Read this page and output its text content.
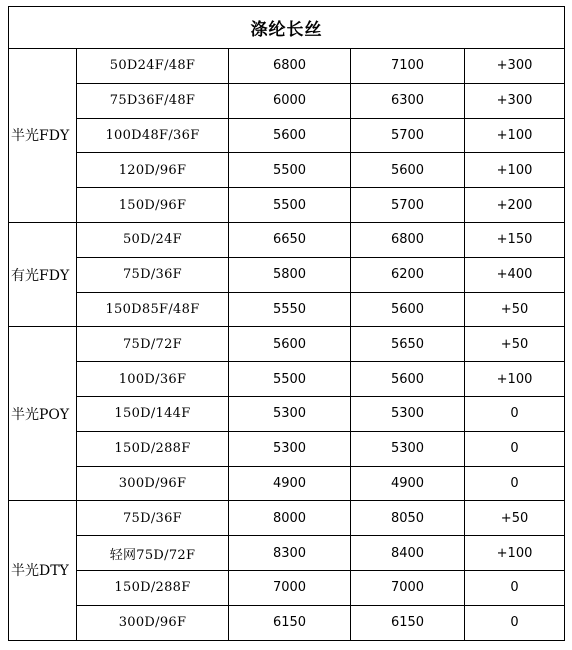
涤纶长丝				
半光FDY	50D24F/48F	6800	7100	+300
	75D36F/48F	6000	6300	+300
	100D48F/36F	5600	5700	+100
	120D/96F	5500	5600	+100
	150D/96F	5500	5700	+200
有光FDY	50D/24F	6650	6800	+150
	75D/36F	5800	6200	+400
	150D85F/48F	5550	5600	+50
半光POY	75D/72F	5600	5650	+50
	100D/36F	5500	5600	+100
	150D/144F	5300	5300	0
	150D/288F	5300	5300	0
	300D/96F	4900	4900	0
半光DTY	75D/36F	8000	8050	+50
	轻网75D/72F	8300	8400	+100
	150D/288F	7000	7000	0
	300D/96F	6150	6150	0
